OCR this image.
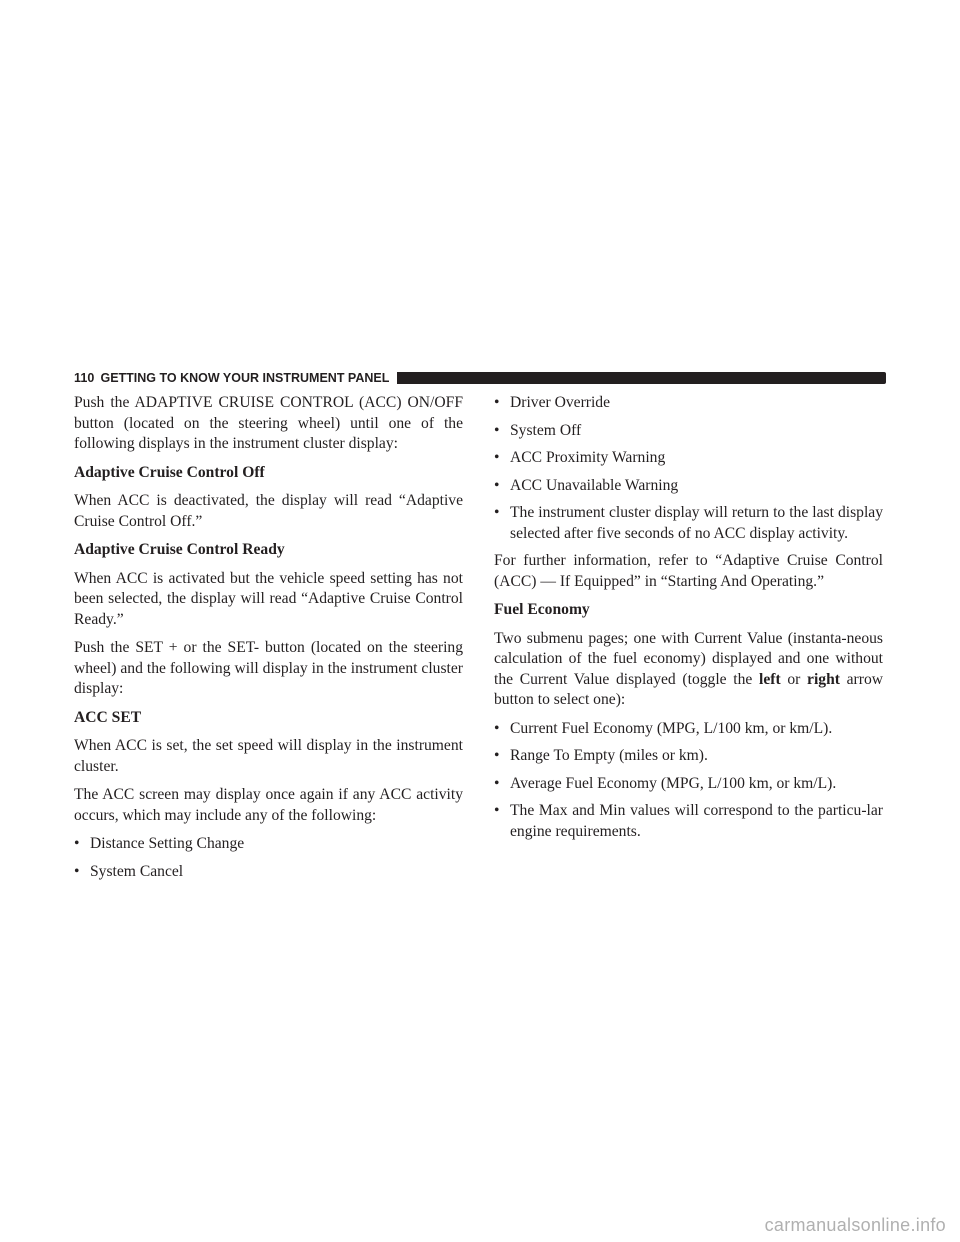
110 GETTING TO KNOW YOUR INSTRUMENT PANEL

Push the ADAPTIVE CRUISE CONTROL (ACC) ON/OFF button (located on the steering wheel) until one of the following displays in the instrument cluster display:

Adaptive Cruise Control Off

When ACC is deactivated, the display will read “Adaptive Cruise Control Off.”

Adaptive Cruise Control Ready

When ACC is activated but the vehicle speed setting has not been selected, the display will read “Adaptive Cruise Control Ready.”

Push the SET + or the SET- button (located on the steering wheel) and the following will display in the instrument cluster display:

ACC SET

When ACC is set, the set speed will display in the instrument cluster.

The ACC screen may display once again if any ACC activity occurs, which may include any of the following:

• Distance Setting Change
• System Cancel
• Driver Override
• System Off
• ACC Proximity Warning
• ACC Unavailable Warning
• The instrument cluster display will return to the last display selected after five seconds of no ACC display activity.

For further information, refer to “Adaptive Cruise Control (ACC) — If Equipped” in “Starting And Operating.”

Fuel Economy

Two submenu pages; one with Current Value (instanta-neous calculation of the fuel economy) displayed and one without the Current Value displayed (toggle the left or right arrow button to select one):

• Current Fuel Economy (MPG, L/100 km, or km/L).
• Range To Empty (miles or km).
• Average Fuel Economy (MPG, L/100 km, or km/L).
• The Max and Min values will correspond to the particu-lar engine requirements.
carmanualsonline.info
